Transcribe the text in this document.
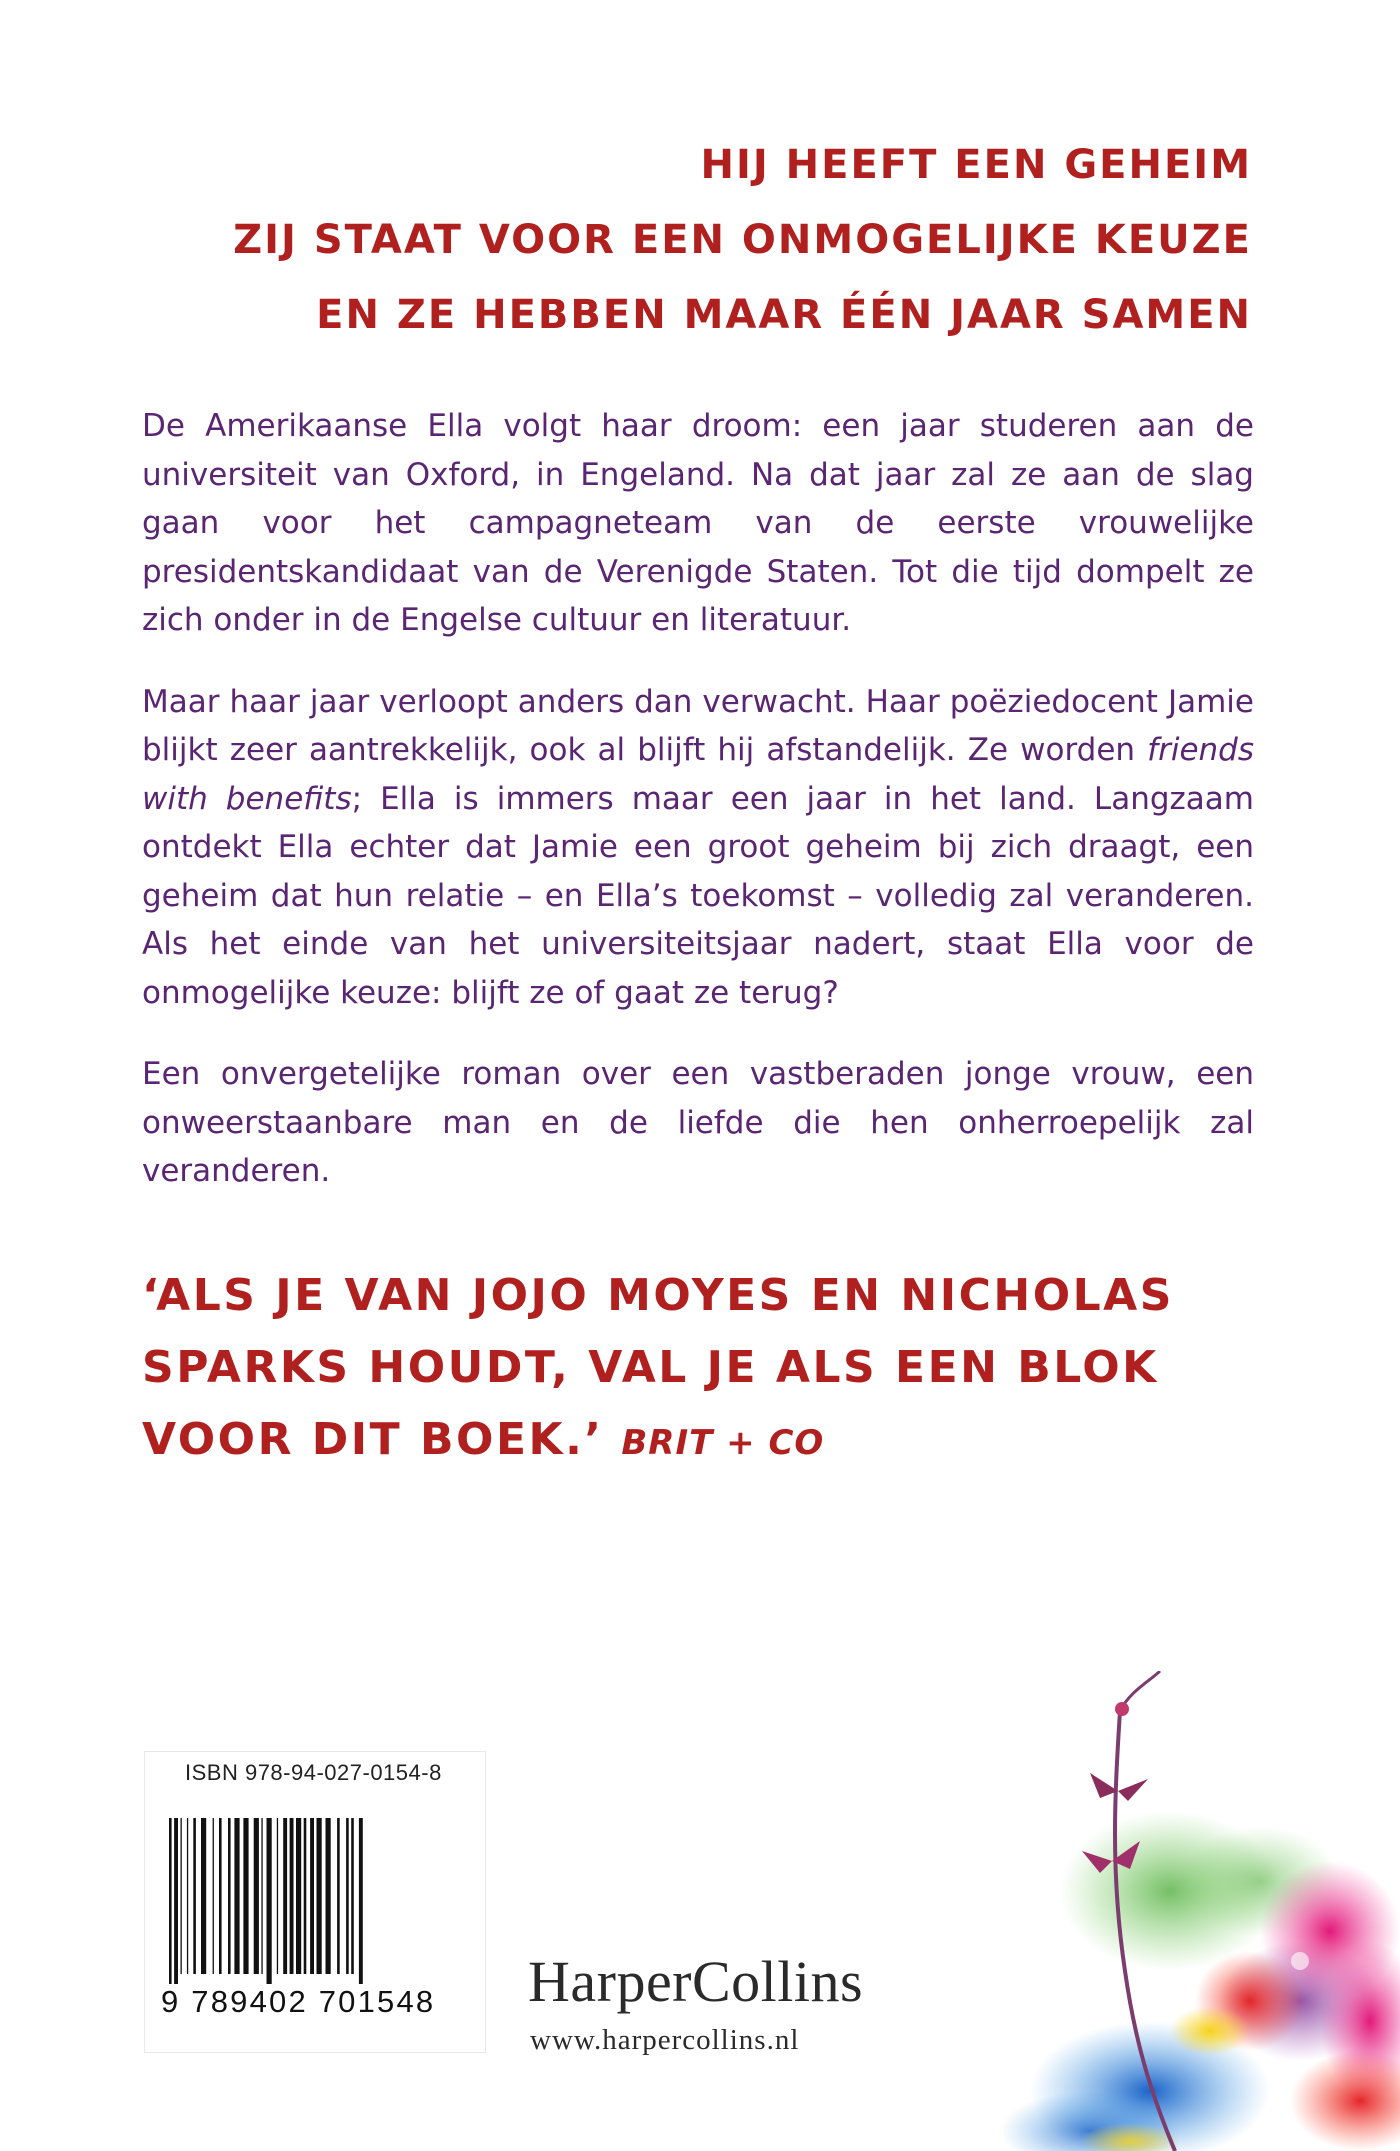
HIJ HEEFT EEN GEHEIM
ZIJ STAAT VOOR EEN ONMOGELIJKE KEUZE
EN ZE HEBBEN MAAR ÉÉN JAAR SAMEN

De Amerikaanse Ella volgt haar droom: een jaar studeren aan de universiteit van Oxford, in Engeland. Na dat jaar zal ze aan de slag gaan voor het campagneteam van de eerste vrouwelijke presidentskandidaat van de Verenigde Staten. Tot die tijd dompelt ze zich onder in de Engelse cultuur en literatuur.

Maar haar jaar verloopt anders dan verwacht. Haar poëziedocent Jamie blijkt zeer aantrekkelijk, ook al blijft hij afstandelijk. Ze worden friends with benefits; Ella is immers maar een jaar in het land. Langzaam ontdekt Ella echter dat Jamie een groot geheim bij zich draagt, een geheim dat hun relatie – en Ella’s toekomst – volledig zal veranderen. Als het einde van het universiteitsjaar nadert, staat Ella voor de onmogelijke keuze: blijft ze of gaat ze terug?

Een onvergetelijke roman over een vastberaden jonge vrouw, een onweerstaanbare man en de liefde die hen onherroepelijk zal veranderen.

‘ALS JE VAN JOJO MOYES EN NICHOLAS
SPARKS HOUDT, VAL JE ALS EEN BLOK
VOOR DIT BOEK.’ BRIT + CO
ISBN 978-94-027-0154-8
9 789402 701548 HarperCollins
www.harpercollins.nl
